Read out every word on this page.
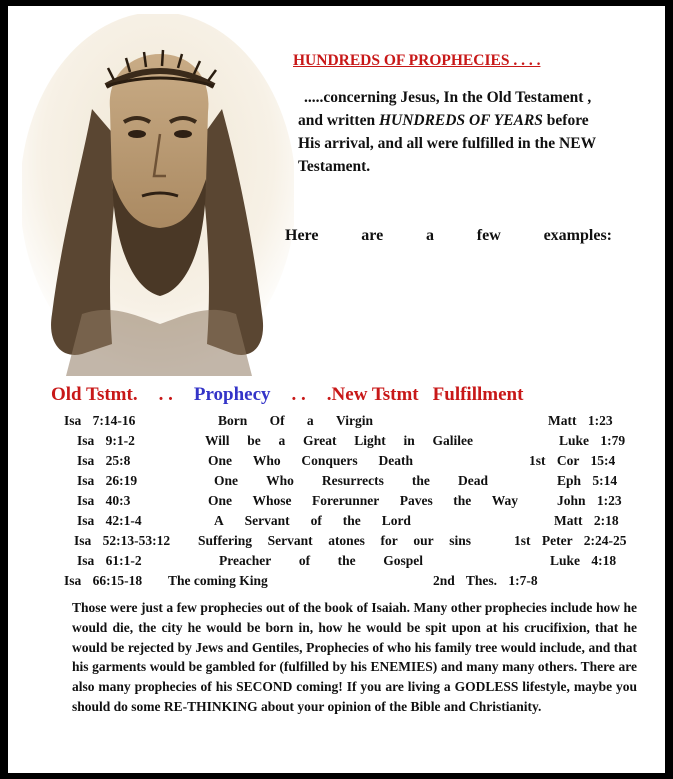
HUNDREDS OF PROPHECIES . . . .
.....concerning Jesus, In the Old Testament ,
and written HUNDREDS OF YEARS before
His arrival, and all were fulfilled in the NEW
Testament.
Here	are	a	few	examples:
Old Tstmt. . . Prophecy . . .New Tstmt Fulfillment
Isa 7:14-16	Born Of a Virgin	Matt 1:23
Isa 9:1-2	Will be a Great Light in Galilee	Luke 1:79
Isa 25:8	One Who Conquers Death	1st Cor 15:4
Isa 26:19	One Who Resurrects the Dead	Eph 5:14
Isa 40:3	One Whose Forerunner Paves the Way	John 1:23
Isa 42:1-4	A Servant of the Lord	Matt 2:18
Isa 52:13-53:12 Suffering Servant atones for our sins	1st Peter 2:24-25
Isa 61:1-2	Preacher of the Gospel	Luke 4:18
Isa 66:15-18 The coming King	2nd Thes. 1:7-8

Those were just a few prophecies out of the book of Isaiah. Many other prophecies include how he would die, the city he would be born in, how he would be spit upon at his crucifixion, that he would be rejected by Jews and Gentiles, Prophecies of who his family tree would include, and that his garments would be gambled for (fulfilled by his ENEMIES) and many many others. There are also many prophecies of his SECOND coming! If you are living a GODLESS lifestyle, maybe you should do some RE-THINKING about your opinion of the Bible and Christianity.
